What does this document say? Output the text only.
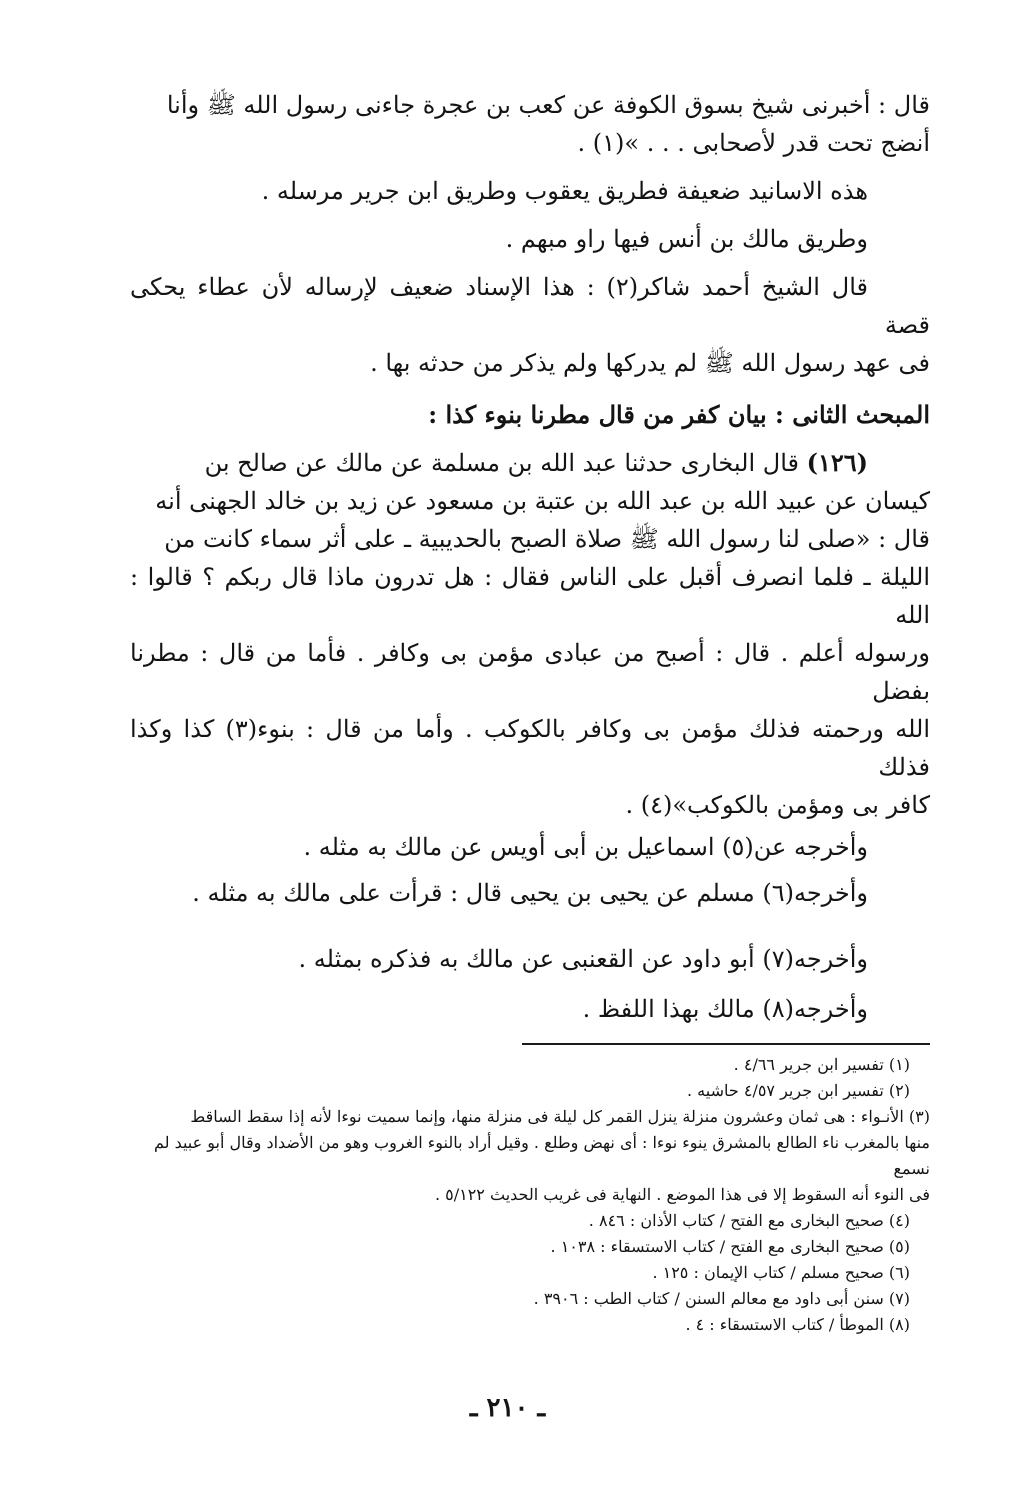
قال : أخبرنى شيخ بسوق الكوفة عن كعب بن عجرة جاءنى رسول الله ﷺ وأنا

أنضج تحت قدر لأصحابى . . . »(١) .

هذه الاسانيد ضعيفة فطريق يعقوب وطريق ابن جرير مرسله .

وطريق مالك بن أنس فيها راو مبهم .

قال الشيخ أحمد شاكر(٢) : هذا الإسناد ضعيف لإرساله لأن عطاء يحكى قصة

فى عهد رسول الله ﷺ لم يدركها ولم يذكر من حدثه بها .

المبحث الثانى : بيان كفر من قال مطرنا بنوء كذا :

(١٢٦) قال البخارى حدثنا عبد الله بن مسلمة عن مالك عن صالح بن

كيسان عن عبيد الله بن عبد الله بن عتبة بن مسعود عن زيد بن خالد الجهنى أنه

قال : «صلى لنا رسول الله ﷺ صلاة الصبح بالحديبية ـ على أثر سماء كانت من

الليلة ـ فلما انصرف أقبل على الناس فقال : هل تدرون ماذا قال ربكم ؟ قالوا : الله

ورسوله أعلم . قال : أصبح من عبادى مؤمن بى وكافر . فأما من قال : مطرنا بفضل

الله ورحمته فذلك مؤمن بى وكافر بالكوكب . وأما من قال : بنوء(٣) كذا وكذا فذلك

كافر بى ومؤمن بالكوكب»(٤) .

وأخرجه عن(٥) اسماعيل بن أبى أويس عن مالك به مثله .

وأخرجه(٦) مسلم عن يحيى بن يحيى قال : قرأت على مالك به مثله .

وأخرجه(٧) أبو داود عن القعنبى عن مالك به فذكره بمثله .

وأخرجه(٨) مالك بهذا اللفظ .

(١) تفسير ابن جرير ٤/٦٦ .

(٢) تفسير ابن جرير ٤/٥٧ حاشيه .

(٣) الأنـواء : هى ثمان وعشرون منزلة ينزل القمر كل ليلة فى منزلة منها، وإنما سميت نوءا لأنه إذا سقط الساقط

منها بالمغرب ناء الطالع بالمشرق ينوء نوءا : أى نهض وطلع . وقيل أراد بالنوء الغروب وهو من الأضداد وقال أبو عبيد لم نسمع

فى النوء أنه السقوط إلا فى هذا الموضع . النهاية فى غريب الحديث ٥/١٢٢ .

(٤) صحيح البخارى مع الفتح / كتاب الأذان : ٨٤٦ .

(٥) صحيح البخارى مع الفتح / كتاب الاستسقاء : ١٠٣٨ .

(٦) صحيح مسلم / كتاب الإيمان : ١٢٥ .

(٧) سنن أبى داود مع معالم السنن / كتاب الطب : ٣٩٠٦ .

(٨) الموطأ / كتاب الاستسقاء : ٤ .

ـ ٢١٠ ـ
